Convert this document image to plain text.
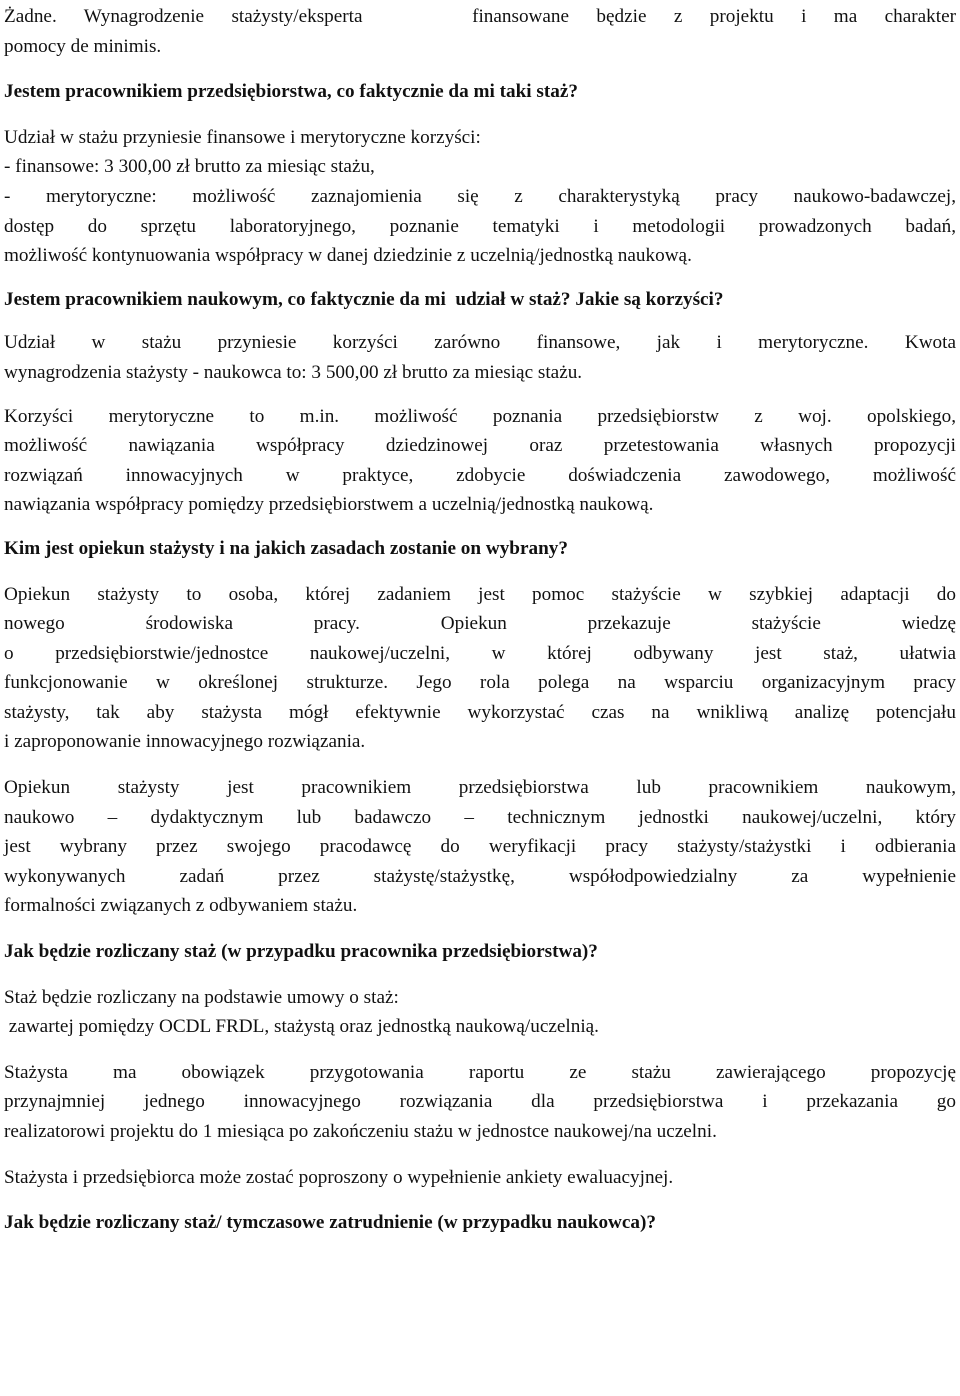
Żadne. Wynagrodzenie stażysty/eksperta    finansowane będzie z projektu i ma charakter
pomocy de minimis.

Jestem pracownikiem przedsiębiorstwa, co faktycznie da mi taki staż?

Udział w stażu przyniesie finansowe i merytoryczne korzyści:
- finansowe: 3 300,00 zł brutto za miesiąc stażu,
- merytoryczne: możliwość zaznajomienia się z charakterystyką pracy naukowo-badawczej,
dostęp do sprzętu laboratoryjnego, poznanie tematyki i metodologii prowadzonych badań,
możliwość kontynuowania współpracy w danej dziedzinie z uczelnią/jednostką naukową.

Jestem pracownikiem naukowym, co faktycznie da mi  udział w staż? Jakie są korzyści?

Udział w stażu przyniesie korzyści zarówno finansowe, jak i merytoryczne. Kwota
wynagrodzenia stażysty - naukowca to: 3 500,00 zł brutto za miesiąc stażu.

Korzyści merytoryczne to m.in. możliwość poznania przedsiębiorstw z woj. opolskiego,
możliwość nawiązania współpracy dziedzinowej oraz przetestowania własnych propozycji
rozwiązań innowacyjnych w praktyce, zdobycie doświadczenia zawodowego, możliwość
nawiązania współpracy pomiędzy przedsiębiorstwem a uczelnią/jednostką naukową.

Kim jest opiekun stażysty i na jakich zasadach zostanie on wybrany?

Opiekun stażysty to osoba, której zadaniem jest pomoc stażyście w szybkiej adaptacji do
nowego środowiska pracy. Opiekun przekazuje stażyście wiedzę
o przedsiębiorstwie/jednostce naukowej/uczelni, w której odbywany jest staż, ułatwia
funkcjonowanie w określonej strukturze. Jego rola polega na wsparciu organizacyjnym pracy
stażysty, tak aby stażysta mógł efektywnie wykorzystać czas na wnikliwą analizę potencjału
i zaproponowanie innowacyjnego rozwiązania.

Opiekun stażysty jest pracownikiem przedsiębiorstwa lub pracownikiem naukowym,
naukowo – dydaktycznym lub badawczo – technicznym jednostki naukowej/uczelni, który
jest wybrany przez swojego pracodawcę do weryfikacji pracy stażysty/stażystki i odbierania
wykonywanych zadań przez stażystę/stażystkę, współodpowiedzialny za wypełnienie
formalności związanych z odbywaniem stażu.

Jak będzie rozliczany staż (w przypadku pracownika przedsiębiorstwa)?

Staż będzie rozliczany na podstawie umowy o staż:
zawartej pomiędzy OCDL FRDL, stażystą oraz jednostką naukową/uczelnią.

Stażysta ma obowiązek przygotowania raportu ze stażu zawierającego propozycję
przynajmniej jednego innowacyjnego rozwiązania dla przedsiębiorstwa i przekazania go
realizatorowi projektu do 1 miesiąca po zakończeniu stażu w jednostce naukowej/na uczelni.

Stażysta i przedsiębiorca może zostać poproszony o wypełnienie ankiety ewaluacyjnej.

Jak będzie rozliczany staż/ tymczasowe zatrudnienie (w przypadku naukowca)?
